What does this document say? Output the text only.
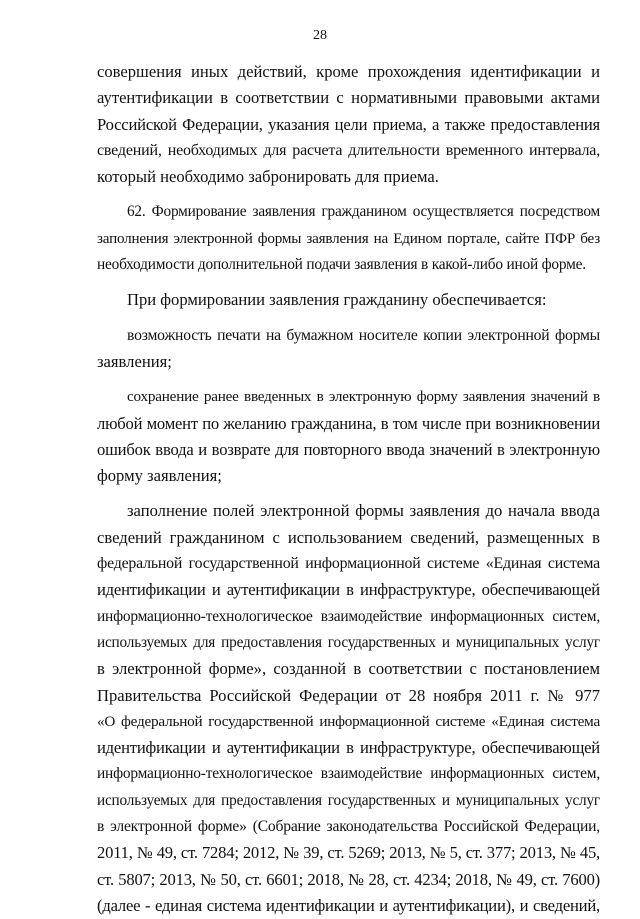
28

совершения иных действий, кроме прохождения идентификации и
аутентификации в соответствии с нормативными правовыми актами
Российской Федерации, указания цели приема, а также предоставления
сведений, необходимых для расчета длительности временного интервала,
который необходимо забронировать для приема.

62. Формирование заявления гражданином осуществляется посредством
заполнения электронной формы заявления на Едином портале, сайте ПФР без
необходимости дополнительной подачи заявления в какой-либо иной форме.

При формировании заявления гражданину обеспечивается:

возможность печати на бумажном носителе копии электронной формы
заявления;

сохранение ранее введенных в электронную форму заявления значений в
любой момент по желанию гражданина, в том числе при возникновении
ошибок ввода и возврате для повторного ввода значений в электронную
форму заявления;

заполнение полей электронной формы заявления до начала ввода
сведений гражданином с использованием сведений, размещенных в
федеральной государственной информационной системе «Единая система
идентификации и аутентификации в инфраструктуре, обеспечивающей
информационно-технологическое взаимодействие информационных систем,
используемых для предоставления государственных и муниципальных услуг
в электронной форме», созданной в соответствии с постановлением
Правительства Российской Федерации от 28 ноября 2011 г. № 977
«О федеральной государственной информационной системе «Единая система
идентификации и аутентификации в инфраструктуре, обеспечивающей
информационно-технологическое взаимодействие информационных систем,
используемых для предоставления государственных и муниципальных услуг
в электронной форме» (Собрание законодательства Российской Федерации,
2011, № 49, ст. 7284; 2012, № 39, ст. 5269; 2013, № 5, ст. 377; 2013, № 45,
ст. 5807; 2013, № 50, ст. 6601; 2018, № 28, ст. 4234; 2018, № 49, ст. 7600)
(далее - единая система идентификации и аутентификации), и сведений,
